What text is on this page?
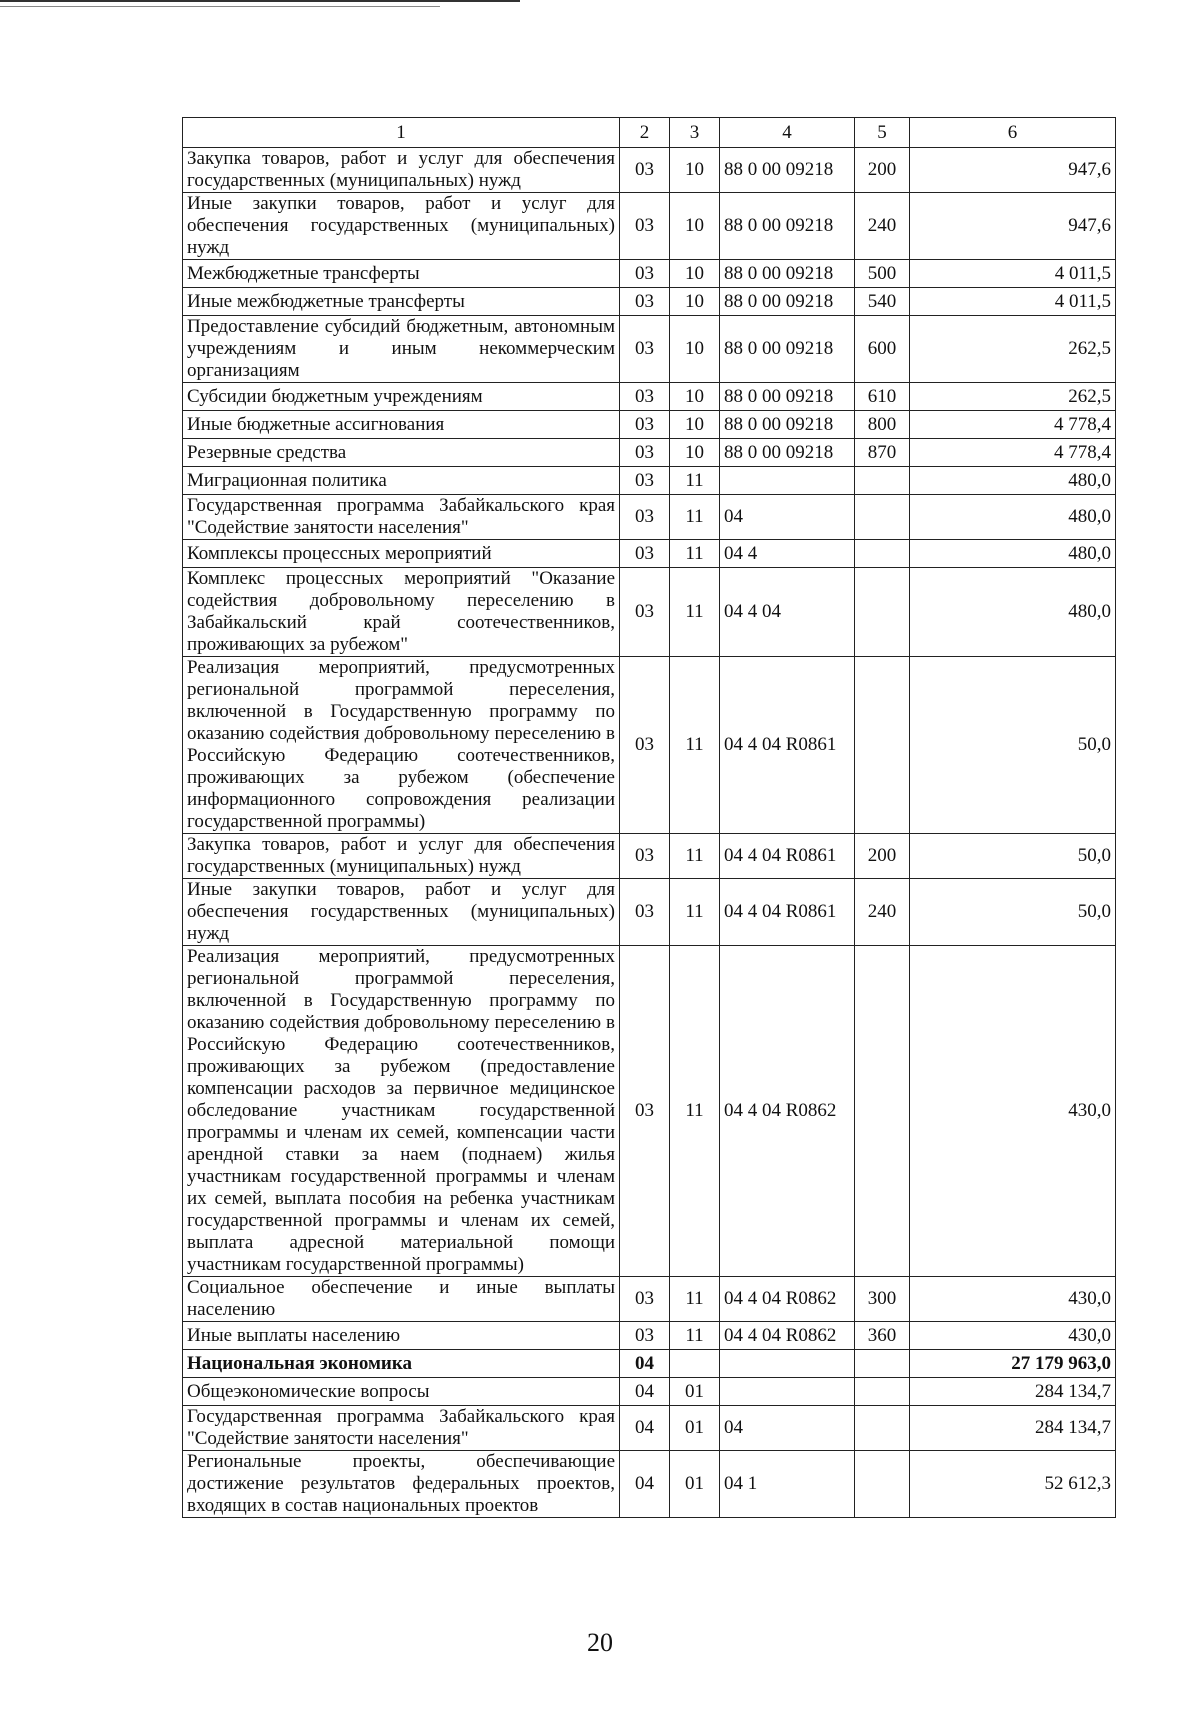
1	2	3	4	5	6
Закупка товаров, работ и услуг для обеспечения государственных (муниципальных) нужд	03	10	88 0 00 09218	200	947,6
Иные закупки товаров, работ и услуг для обеспечения государственных (муниципальных) нужд	03	10	88 0 00 09218	240	947,6
Межбюджетные трансферты	03	10	88 0 00 09218	500	4 011,5
Иные межбюджетные трансферты	03	10	88 0 00 09218	540	4 011,5
Предоставление субсидий бюджетным, автономным учреждениям и иным некоммерческим организациям	03	10	88 0 00 09218	600	262,5
Субсидии бюджетным учреждениям	03	10	88 0 00 09218	610	262,5
Иные бюджетные ассигнования	03	10	88 0 00 09218	800	4 778,4
Резервные средства	03	10	88 0 00 09218	870	4 778,4
Миграционная политика	03	11			480,0
Государственная программа Забайкальского края "Содействие занятости населения"	03	11	04		480,0
Комплексы процессных мероприятий	03	11	04 4		480,0
Комплекс процессных мероприятий "Оказание содействия добровольному переселению в Забайкальский край соотечественников, проживающих за рубежом"	03	11	04 4 04		480,0
Реализация мероприятий, предусмотренных региональной программой переселения, включенной в Государственную программу по оказанию содействия добровольному переселению в Российскую Федерацию соотечественников, проживающих за рубежом (обеспечение информационного сопровождения реализации государственной программы)	03	11	04 4 04 R0861		50,0
Закупка товаров, работ и услуг для обеспечения государственных (муниципальных) нужд	03	11	04 4 04 R0861	200	50,0
Иные закупки товаров, работ и услуг для обеспечения государственных (муниципальных) нужд	03	11	04 4 04 R0861	240	50,0
Реализация мероприятий, предусмотренных региональной программой переселения, включенной в Государственную программу по оказанию содействия добровольному переселению в Российскую Федерацию соотечественников, проживающих за рубежом (предоставление компенсации расходов за первичное медицинское обследование участникам государственной программы и членам их семей, компенсации части арендной ставки за наем (поднаем) жилья участникам государственной программы и членам их семей, выплата пособия на ребенка участникам государственной программы и членам их семей, выплата адресной материальной помощи участникам государственной программы)	03	11	04 4 04 R0862		430,0
Социальное обеспечение и иные выплаты населению	03	11	04 4 04 R0862	300	430,0
Иные выплаты населению	03	11	04 4 04 R0862	360	430,0
Национальная экономика	04				27 179 963,0
Общеэкономические вопросы	04	01			284 134,7
Государственная программа Забайкальского края "Содействие занятости населения"	04	01	04		284 134,7
Региональные проекты, обеспечивающие достижение результатов федеральных проектов, входящих в состав национальных проектов	04	01	04 1		52 612,3
20
